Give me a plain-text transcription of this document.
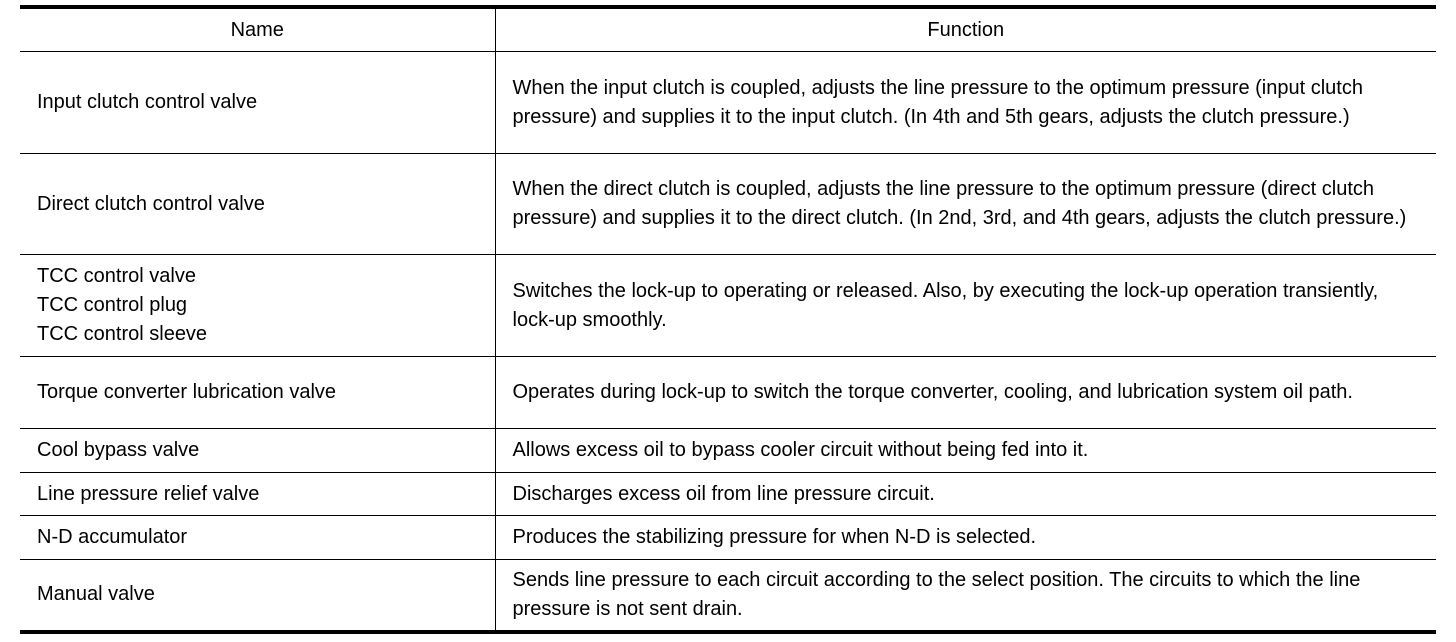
Name	Function

Input clutch control valve	When the input clutch is coupled, adjusts the line pressure to the optimum pressure (input clutch pressure) and supplies it to the input clutch. (In 4th and 5th gears, adjusts the clutch pressure.)

Direct clutch control valve	When the direct clutch is coupled, adjusts the line pressure to the optimum pressure (direct clutch pressure) and supplies it to the direct clutch. (In 2nd, 3rd, and 4th gears, adjusts the clutch pressure.)

TCC control valve
TCC control plug
TCC control sleeve	Switches the lock-up to operating or released. Also, by executing the lock-up operation transiently, lock-up smoothly.

Torque converter lubrication valve	Operates during lock-up to switch the torque converter, cooling, and lubrication system oil path.

Cool bypass valve	Allows excess oil to bypass cooler circuit without being fed into it.

Line pressure relief valve	Discharges excess oil from line pressure circuit.

N-D accumulator	Produces the stabilizing pressure for when N-D is selected.

Manual valve	Sends line pressure to each circuit according to the select position. The circuits to which the line pressure is not sent drain.
